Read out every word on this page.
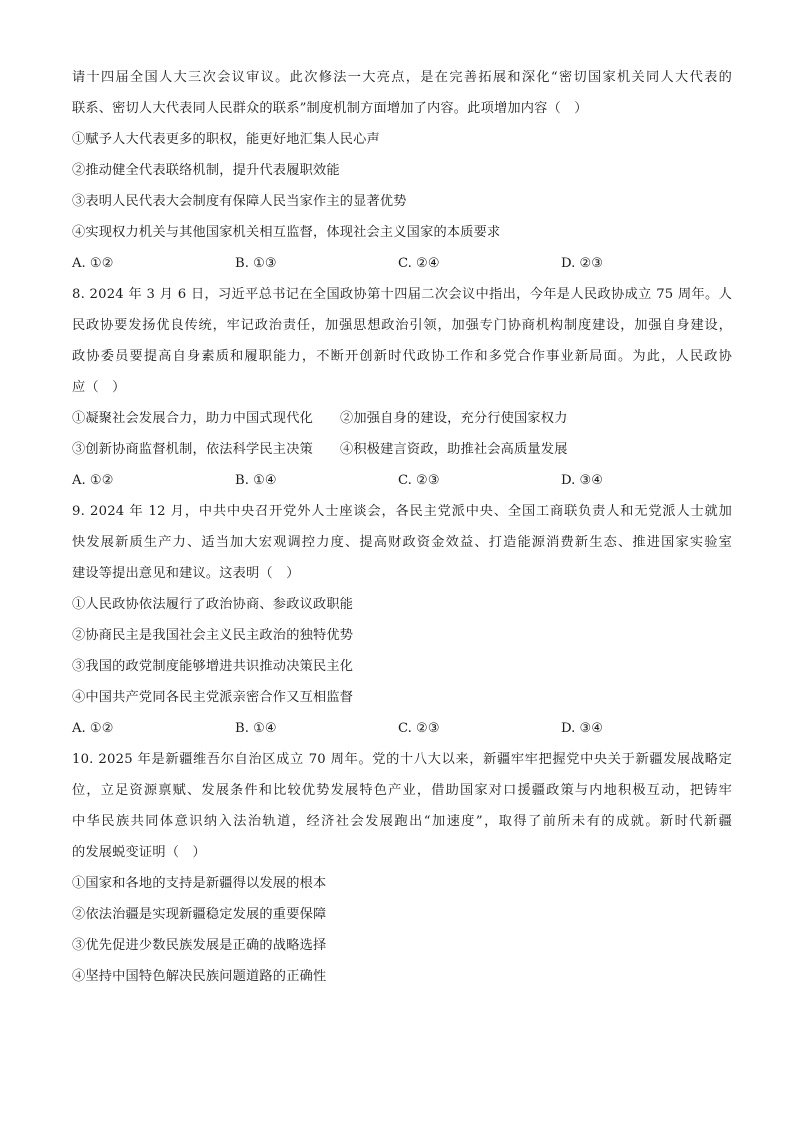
请十四届全国人大三次会议审议。此次修法一大亮点，是在完善拓展和深化“密切国家机关同人大代表的
联系、密切人大代表同人民群众的联系”制度机制方面增加了内容。此项增加内容（　）
①赋予人大代表更多的职权，能更好地汇集人民心声
②推动健全代表联络机制，提升代表履职效能
③表明人民代表大会制度有保障人民当家作主的显著优势
④实现权力机关与其他国家机关相互监督，体现社会主义国家的本质要求
A. ①②	B. ①③	C. ②④	D. ②③
8. 2024 年 3 月 6 日，习近平总书记在全国政协第十四届二次会议中指出，今年是人民政协成立 75 周年。人
民政协要发扬优良传统，牢记政治责任，加强思想政治引领，加强专门协商机构制度建设，加强自身建设，
政协委员要提高自身素质和履职能力，不断开创新时代政协工作和多党合作事业新局面。为此，人民政协
应（　）
①凝聚社会发展合力，助力中国式现代化	②加强自身的建设，充分行使国家权力
③创新协商监督机制，依法科学民主决策	④积极建言资政，助推社会高质量发展
A. ①②	B. ①④	C. ②③	D. ③④
9. 2024 年 12 月，中共中央召开党外人士座谈会，各民主党派中央、全国工商联负责人和无党派人士就加
快发展新质生产力、适当加大宏观调控力度、提高财政资金效益、打造能源消费新生态、推进国家实验室
建设等提出意见和建议。这表明（　）
①人民政协依法履行了政治协商、参政议政职能
②协商民主是我国社会主义民主政治的独特优势
③我国的政党制度能够增进共识推动决策民主化
④中国共产党同各民主党派亲密合作又互相监督
A. ①②	B. ①④	C. ②③	D. ③④
10. 2025 年是新疆维吾尔自治区成立 70 周年。党的十八大以来，新疆牢牢把握党中央关于新疆发展战略定
位，立足资源禀赋、发展条件和比较优势发展特色产业，借助国家对口援疆政策与内地积极互动，把铸牢
中华民族共同体意识纳入法治轨道，经济社会发展跑出“加速度”，取得了前所未有的成就。新时代新疆
的发展蜕变证明（　）
①国家和各地的支持是新疆得以发展的根本
②依法治疆是实现新疆稳定发展的重要保障
③优先促进少数民族发展是正确的战略选择
④坚持中国特色解决民族问题道路的正确性
